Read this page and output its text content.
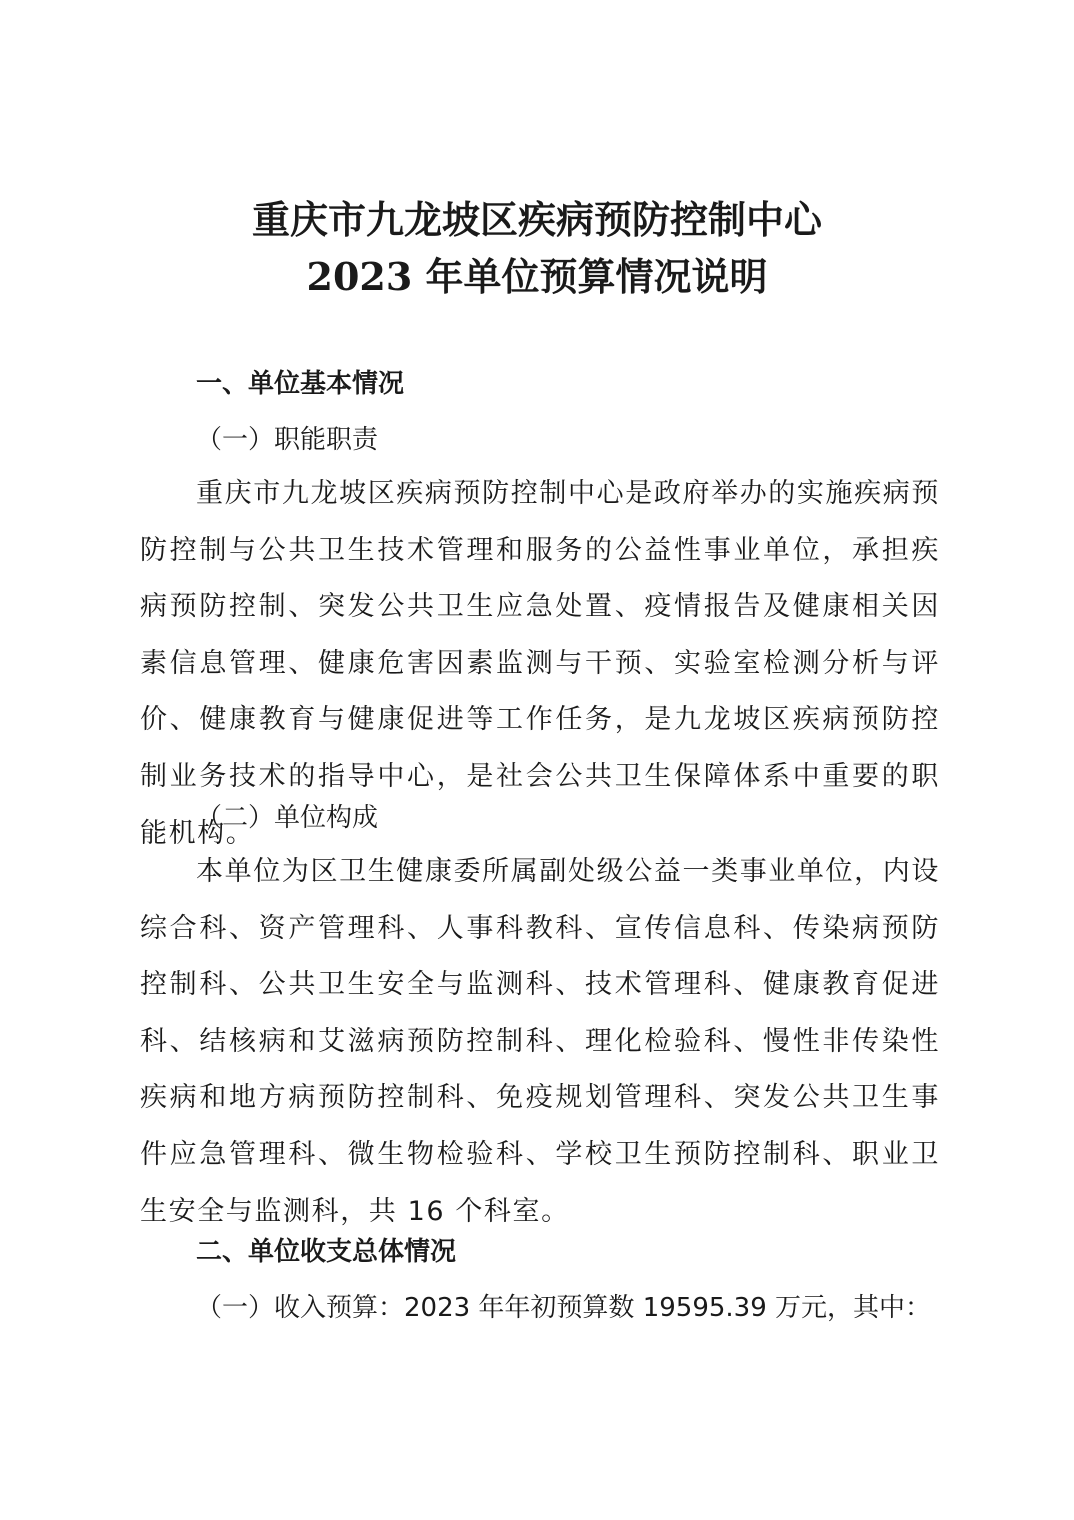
重庆市九龙坡区疾病预防控制中心
2023 年单位预算情况说明
一、单位基本情况
（一）职能职责
重庆市九龙坡区疾病预防控制中心是政府举办的实施疾病预防控制与公共卫生技术管理和服务的公益性事业单位，承担疾病预防控制、突发公共卫生应急处置、疫情报告及健康相关因素信息管理、健康危害因素监测与干预、实验室检测分析与评价、健康教育与健康促进等工作任务，是九龙坡区疾病预防控制业务技术的指导中心，是社会公共卫生保障体系中重要的职能机构。
（二）单位构成
本单位为区卫生健康委所属副处级公益一类事业单位，内设综合科、资产管理科、人事科教科、宣传信息科、传染病预防控制科、公共卫生安全与监测科、技术管理科、健康教育促进科、结核病和艾滋病预防控制科、理化检验科、慢性非传染性疾病和地方病预防控制科、免疫规划管理科、突发公共卫生事件应急管理科、微生物检验科、学校卫生预防控制科、职业卫生安全与监测科，共 16 个科室。
二、单位收支总体情况
（一）收入预算：2023 年年初预算数 19595.39 万元，其中：
